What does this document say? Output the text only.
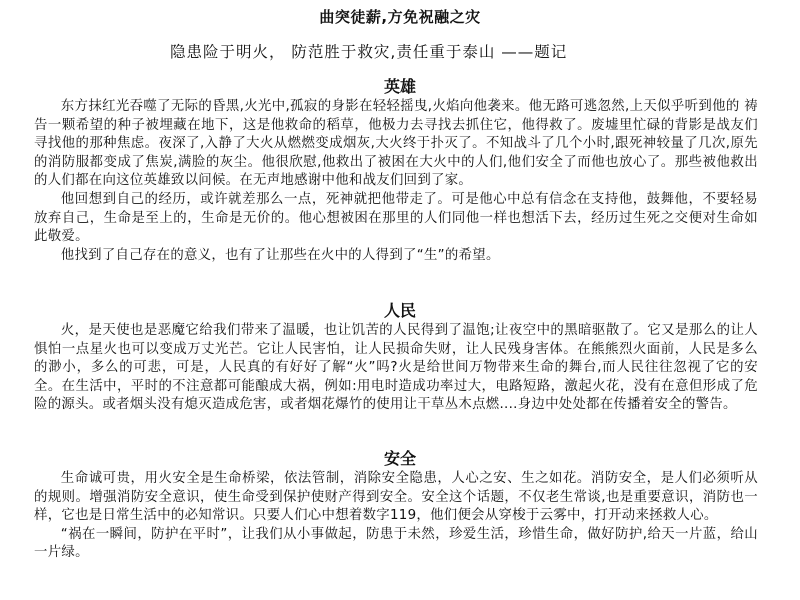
曲突徒薪,方免祝融之灾
隐患险于明火， 防范胜于救灾,责任重于泰山 ——题记
英雄

东方抹红光吞噬了无际的昏黑,火光中,孤寂的身影在轻轻摇曳,火焰向他袭来。他无路可逃忽然,上天似乎听到他的 祷告一颗希望的种子被埋藏在地下，这是他救命的稻草，他极力去寻找去抓住它，他得救了。废墟里忙碌的背影是战友们寻找他的那种焦虑。夜深了,入静了大火从燃燃变成烟灰,大火终于扑灭了。不知战斗了几个小时,跟死神较量了几次,原先的消防服都变成了焦炭,满脸的灰尘。他很欣慰,他救出了被困在大火中的人们,他们安全了而他也放心了。那些被他救出的人们都在向这位英雄致以问候。在无声地感谢中他和战友们回到了家。

他回想到自己的经历，或许就差那么一点，死神就把他带走了。可是他心中总有信念在支持他，鼓舞他，不要轻易放弃自己，生命是至上的，生命是无价的。他心想被困在那里的人们同他一样也想活下去，经历过生死之交便对生命如此敬爱。

他找到了自己存在的意义，也有了让那些在火中的人得到了“生”的希望。

人民

火，是天使也是恶魔它给我们带来了温暖，也让饥苦的人民得到了温饱;让夜空中的黑暗驱散了。它又是那么的让人惧怕一点星火也可以变成万丈光芒。它让人民害怕，让人民损命失财，让人民残身害体。在熊熊烈火面前，人民是多么的渺小，多么的可悲，可是，人民真的有好好了解“火”吗?火是给世间万物带来生命的舞台,而人民往往忽视了它的安全。在生活中，平时的不注意都可能酿成大祸，例如:用电时造成功率过大，电路短路，激起火花，没有在意但形成了危险的源头。或者烟头没有熄灭造成危害，或者烟花爆竹的使用让干草丛木点燃....身边中处处都在传播着安全的警告。

安全

生命诚可贵，用火安全是生命桥梁，依法管制，消除安全隐患，人心之安、生之如花。消防安全，是人们必须听从的规则。增强消防安全意识，使生命受到保护使财产得到安全。安全这个话题，不仅老生常谈,也是重要意识，消防也一样，它也是日常生活中的必知常识。只要人们心中想着数字119，他们便会从穿梭于云雾中，打开动来拯救人心。

“祸在一瞬间，防护在平时”，让我们从小事做起，防患于未然，珍爱生活，珍惜生命，做好防护,给天一片蓝，给山一片绿。
